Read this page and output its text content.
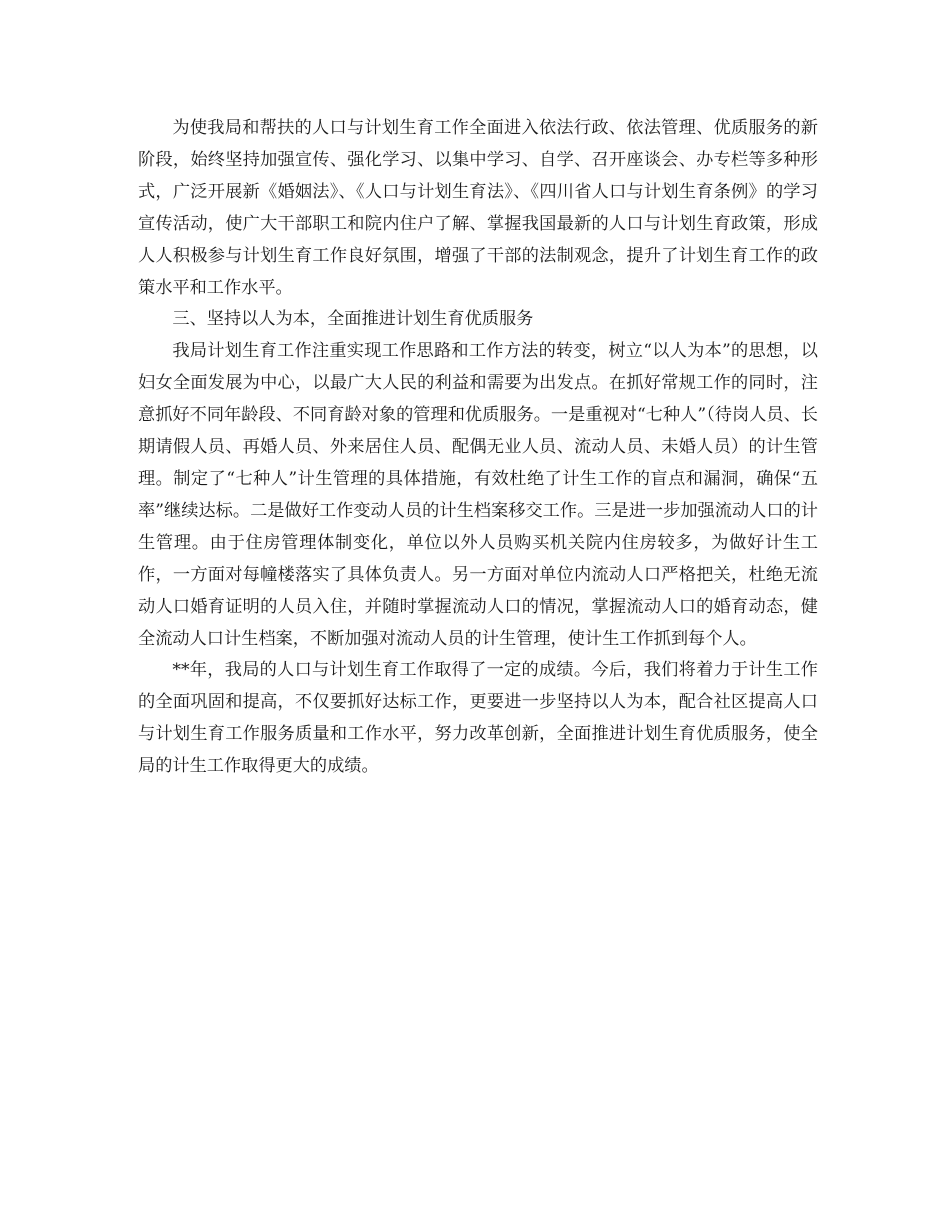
为使我局和帮扶的人口与计划生育工作全面进入依法行政、依法管理、优质服务的新阶段，始终坚持加强宣传、强化学习、以集中学习、自学、召开座谈会、办专栏等多种形式，广泛开展新《婚姻法》、《人口与计划生育法》、《四川省人口与计划生育条例》的学习宣传活动，使广大干部职工和院内住户了解、掌握我国最新的人口与计划生育政策，形成人人积极参与计划生育工作良好氛围，增强了干部的法制观念，提升了计划生育工作的政策水平和工作水平。

三、坚持以人为本，全面推进计划生育优质服务

我局计划生育工作注重实现工作思路和工作方法的转变，树立“以人为本”的思想，以妇女全面发展为中心，以最广大人民的利益和需要为出发点。在抓好常规工作的同时，注意抓好不同年龄段、不同育龄对象的管理和优质服务。一是重视对“七种人”（待岗人员、长期请假人员、再婚人员、外来居住人员、配偶无业人员、流动人员、未婚人员）的计生管理。制定了“七种人”计生管理的具体措施，有效杜绝了计生工作的盲点和漏洞，确保“五率”继续达标。二是做好工作变动人员的计生档案移交工作。三是进一步加强流动人口的计生管理。由于住房管理体制变化，单位以外人员购买机关院内住房较多，为做好计生工作，一方面对每幢楼落实了具体负责人。另一方面对单位内流动人口严格把关，杜绝无流动人口婚育证明的人员入住，并随时掌握流动人口的情况，掌握流动人口的婚育动态，健全流动人口计生档案，不断加强对流动人员的计生管理，使计生工作抓到每个人。

**年，我局的人口与计划生育工作取得了一定的成绩。今后，我们将着力于计生工作的全面巩固和提高，不仅要抓好达标工作，更要进一步坚持以人为本，配合社区提高人口与计划生育工作服务质量和工作水平，努力改革创新，全面推进计划生育优质服务，使全局的计生工作取得更大的成绩。
